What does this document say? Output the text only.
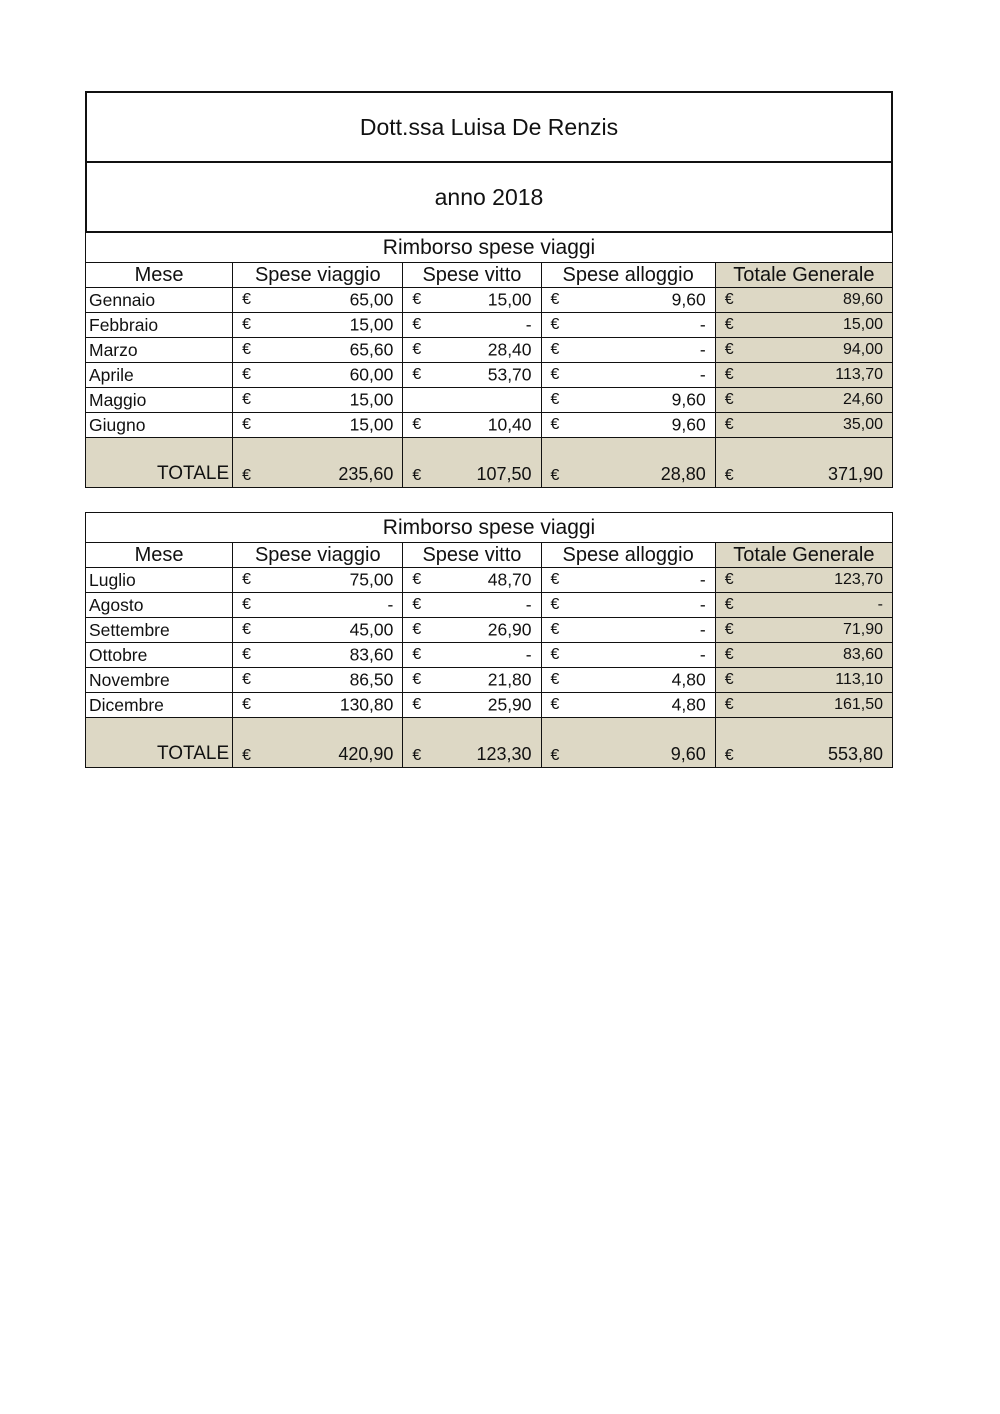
Dott.ssa Luisa De Renzis
anno 2018
Rimborso spese viaggi				
Mese	Spese viaggio	Spese vitto	Spese alloggio	Totale Generale
Gennaio	€ 65,00	€ 15,00	€ 9,60	€ 89,60

Febbraio	€ 15,00	€ -	€ -	€ 15,00

Marzo	€ 65,60	€ 28,40	€ -	€ 94,00

Aprile	€ 60,00	€ 53,70	€ -	€ 113,70

Maggio	€ 15,00		€ 9,60	€ 24,60

Giugno	€ 15,00	€ 10,40	€ 9,60	€ 35,00

TOTALE	€ 235,60	€ 107,50	€ 28,80	€ 371,90
Rimborso spese viaggi				
Mese	Spese viaggio	Spese vitto	Spese alloggio	Totale Generale
Luglio	€ 75,00	€ 48,70	€ -	€ 123,70

Agosto	€ -	€ -	€ -	€ -

Settembre	€ 45,00	€ 26,90	€ -	€ 71,90

Ottobre	€ 83,60	€ -	€ -	€ 83,60

Novembre	€ 86,50	€ 21,80	€ 4,80	€ 113,10

Dicembre	€ 130,80	€ 25,90	€ 4,80	€ 161,50

TOTALE	€ 420,90	€ 123,30	€ 9,60	€ 553,80
